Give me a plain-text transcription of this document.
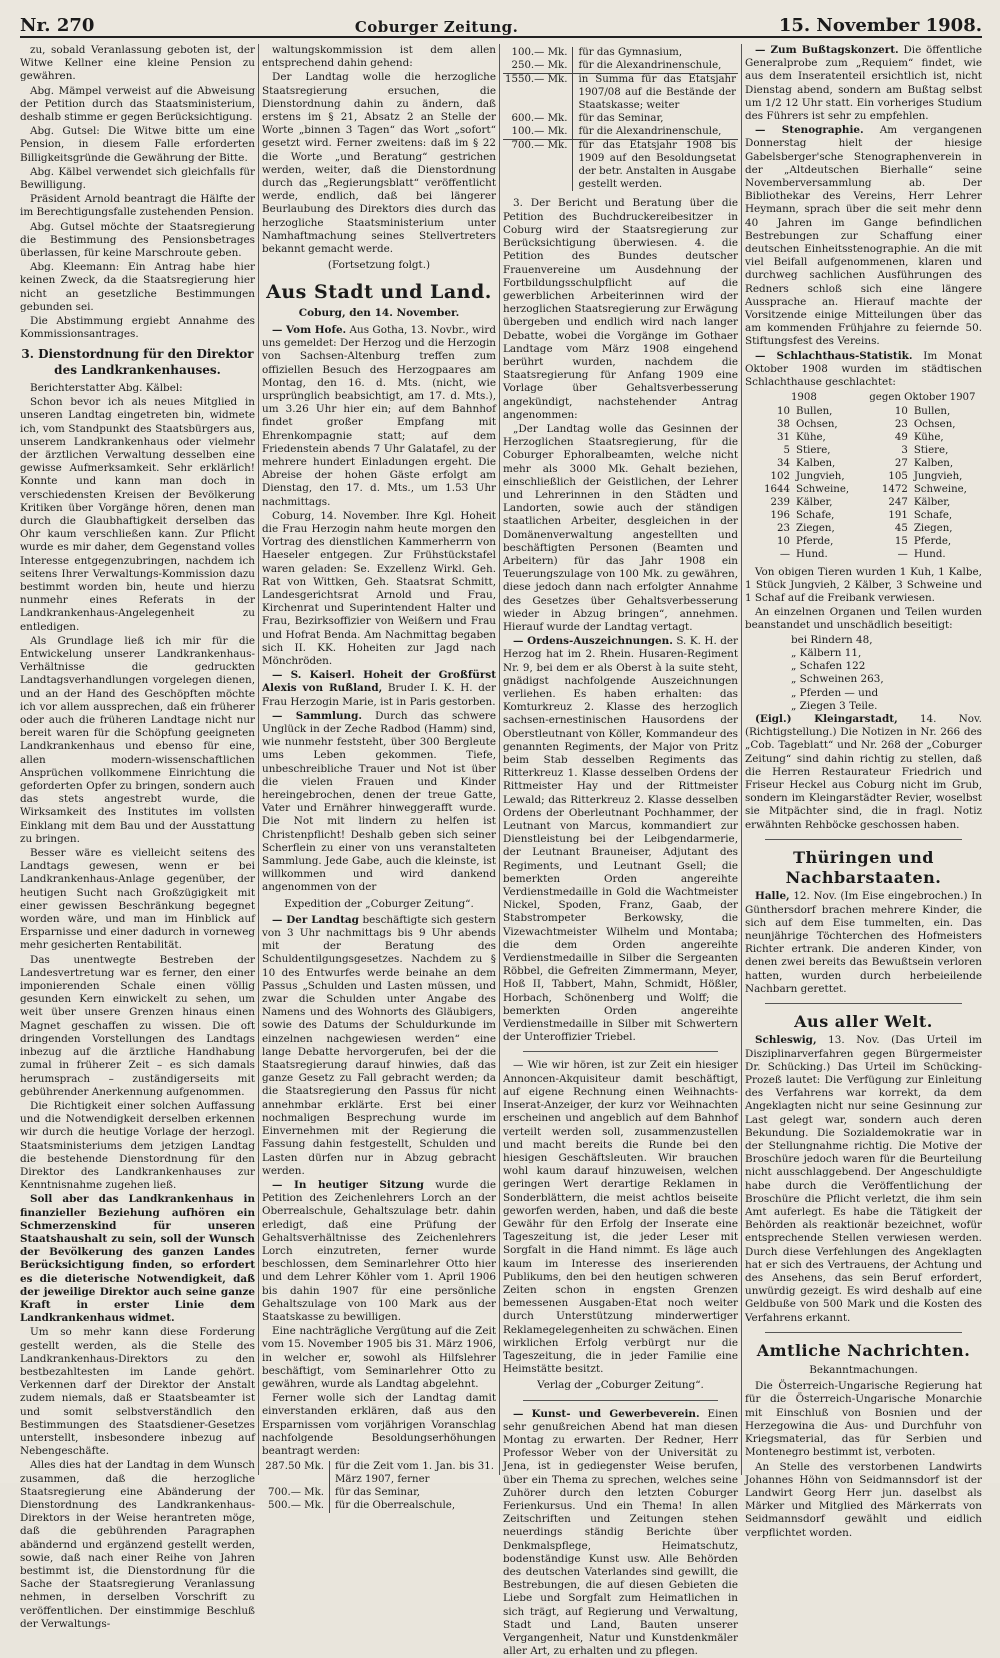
Nr. 270	Coburger Zeitung.	15. November 1908.

zu, sobald Veranlassung geboten ist, der Witwe Kellner eine kleine Pension zu gewähren.

Abg. Mämpel verweist auf die Abweisung der Petition durch das Staatsministerium, deshalb stimme er gegen Berücksichtigung.

Abg. Gutsel: Die Witwe bitte um eine Pension, in diesem Falle erforderten Billigkeitsgründe die Gewährung der Bitte.

Abg. Kälbel verwendet sich gleichfalls für Bewilligung.

Präsident Arnold beantragt die Hälfte der im Berechtigungsfalle zustehenden Pension.

Abg. Gutsel möchte der Staatsregierung die Bestimmung des Pensionsbetrages überlassen, für keine Marschroute geben.

Abg. Kleemann: Ein Antrag habe hier keinen Zweck, da die Staatsregierung hier nicht an gesetzliche Bestimmungen gebunden sei.

Die Abstimmung ergiebt Annahme des Kommissionsantrages.

3. Dienstordnung für den Direktor des Landkrankenhauses.

Berichterstatter Abg. Kälbel:

Schon bevor ich als neues Mitglied in unseren Landtag eingetreten bin, widmete ich, vom Standpunkt des Staatsbürgers aus, unserem Landkrankenhaus oder vielmehr der ärztlichen Verwaltung desselben eine gewisse Aufmerksamkeit. Sehr erklärlich! Konnte und kann man doch in verschiedensten Kreisen der Bevölkerung Kritiken über Vorgänge hören, denen man durch die Glaubhaftigkeit derselben das Ohr kaum verschließen kann. Zur Pflicht wurde es mir daher, dem Gegenstand volles Interesse entgegenzubringen, nachdem ich seitens Ihrer Verwaltungs-Kommission dazu bestimmt worden bin, heute und hierzu nunmehr eines Referats in der Landkrankenhaus-Angelegenheit zu entledigen.

Als Grundlage ließ ich mir für die Entwickelung unserer Landkrankenhaus-Verhältnisse die gedruckten Landtagsverhandlungen vorgelegen dienen, und an der Hand des Geschöpften möchte ich vor allem aussprechen, daß ein früherer oder auch die früheren Landtage nicht nur bereit waren für die Schöpfung geeigneten Landkrankenhaus und ebenso für eine, allen modern-wissenschaftlichen Ansprüchen vollkommene Einrichtung die geforderten Opfer zu bringen, sondern auch das stets angestrebt wurde, die Wirksamkeit des Institutes im vollsten Einklang mit dem Bau und der Ausstattung zu bringen.

Besser wäre es vielleicht seitens des Landtags gewesen, wenn er bei Landkrankenhaus-Anlage gegenüber, der heutigen Sucht nach Großzügigkeit mit einer gewissen Beschränkung begegnet worden wäre, und man im Hinblick auf Ersparnisse und einer dadurch in vorneweg mehr gesicherten Rentabilität.

Das unentwegte Bestreben der Landesvertretung war es ferner, den einer imponierenden Schale einen völlig gesunden Kern einwickelt zu sehen, um weit über unsere Grenzen hinaus einen Magnet geschaffen zu wissen. Die oft dringenden Vorstellungen des Landtags inbezug auf die ärztliche Handhabung zumal in früherer Zeit – es sich damals herumsprach – zuständigerseits mit gebührender Anerkennung aufgenommen.

Die Richtigkeit einer solchen Auffassung und die Notwendigkeit derselben erkennen wir durch die heutige Vorlage der herzogl. Staatsministeriums dem jetzigen Landtag die bestehende Dienstordnung für den Direktor des Landkrankenhauses zur Kenntnisnahme zugehen ließ.

Soll aber das Landkrankenhaus in finanzieller Beziehung aufhören ein Schmerzenskind für unseren Staatshaushalt zu sein, soll der Wunsch der Bevölkerung des ganzen Landes Berücksichtigung finden, so erfordert es die dieterische Notwendigkeit, daß der jeweilige Direktor auch seine ganze Kraft in erster Linie dem Landkrankenhaus widmet.

Um so mehr kann diese Forderung gestellt werden, als die Stelle des Landkrankenhaus-Direktors zu den bestbezahltesten im Lande gehört. Verkennen darf der Direktor der Anstalt zudem niemals, daß er Staatsbeamter ist und somit selbstverständlich den Bestimmungen des Staatsdiener-Gesetzes unterstellt, insbesondere inbezug auf Nebengeschäfte.

Alles dies hat der Landtag in dem Wunsch zusammen, daß die herzogliche Staatsregierung eine Abänderung der Dienstordnung des Landkrankenhaus-Direktors in der Weise herantreten möge, daß die gebührenden Paragraphen abändernd und ergänzend gestellt werden, sowie, daß nach einer Reihe von Jahren bestimmt ist, die Dienstordnung für die Sache der Staatsregierung Veranlassung nehmen, in derselben Vorschrift zu veröffentlichen. Der einstimmige Beschluß der Verwaltungs-

waltungskommission ist dem allen entsprechend dahin gehend:

Der Landtag wolle die herzogliche Staatsregierung ersuchen, die Dienstordnung dahin zu ändern, daß erstens im § 21, Absatz 2 an Stelle der Worte „binnen 3 Tagen“ das Wort „sofort“ gesetzt wird. Ferner zweitens: daß im § 22 die Worte „und Beratung“ gestrichen werden, weiter, daß die Dienstordnung durch das „Regierungsblatt“ veröffentlicht werde, endlich, daß bei längerer Beurlaubung des Direktors dies durch das herzogliche Staatsministerium unter Namhaftmachung seines Stellvertreters bekannt gemacht werde.

(Fortsetzung folgt.)
Aus Stadt und Land.
Coburg, den 14. November.

— Vom Hofe. Aus Gotha, 13. Novbr., wird uns gemeldet: Der Herzog und die Herzogin von Sachsen-Altenburg treffen zum offiziellen Besuch des Herzogpaares am Montag, den 16. d. Mts. (nicht, wie ursprünglich beabsichtigt, am 17. d. Mts.), um 3.26 Uhr hier ein; auf dem Bahnhof findet großer Empfang mit Ehrenkompagnie statt; auf dem Friedenstein abends 7 Uhr Galatafel, zu der mehrere hundert Einladungen ergeht. Die Abreise der hohen Gäste erfolgt am Dienstag, den 17. d. Mts., um 1.53 Uhr nachmittags.

Coburg, 14. November. Ihre Kgl. Hoheit die Frau Herzogin nahm heute morgen den Vortrag des dienstlichen Kammerherrn von Haeseler entgegen. Zur Frühstückstafel waren geladen: Se. Exzellenz Wirkl. Geh. Rat von Wittken, Geh. Staatsrat Schmitt, Landesgerichtsrat Arnold und Frau, Kirchenrat und Superintendent Halter und Frau, Bezirksoffizier von Weißern und Frau und Hofrat Benda. Am Nachmittag begaben sich II. KK. Hoheiten zur Jagd nach Mönchröden.

— S. Kaiserl. Hoheit der Großfürst Alexis von Rußland, Bruder I. K. H. der Frau Herzogin Marie, ist in Paris gestorben.

— Sammlung. Durch das schwere Unglück in der Zeche Radbod (Hamm) sind, wie nunmehr feststeht, über 300 Bergleute ums Leben gekommen. Tiefe, unbeschreibliche Trauer und Not ist über die vielen Frauen und Kinder hereingebrochen, denen der treue Gatte, Vater und Ernährer hinweggerafft wurde. Die Not mit lindern zu helfen ist Christenpflicht! Deshalb geben sich seiner Scherflein zu einer von uns veranstalteten Sammlung. Jede Gabe, auch die kleinste, ist willkommen und wird dankend angenommen von der

Expedition der „Coburger Zeitung“.

— Der Landtag beschäftigte sich gestern von 3 Uhr nachmittags bis 9 Uhr abends mit der Beratung des Schuldentilgungsgesetzes. Nachdem zu § 10 des Entwurfes werde beinahe an dem Passus „Schulden und Lasten müssen, und zwar die Schulden unter Angabe des Namens und des Wohnorts des Gläubigers, sowie des Datums der Schuldurkunde im einzelnen nachgewiesen werden“ eine lange Debatte hervorgerufen, bei der die Staatsregierung darauf hinwies, daß das ganze Gesetz zu Fall gebracht werden; da die Staatsregierung den Passus für nicht annehmbar erklärte. Erst bei einer nochmaligen Besprechung wurde im Einvernehmen mit der Regierung die Fassung dahin festgestellt, Schulden und Lasten dürfen nur in Abzug gebracht werden.

— In heutiger Sitzung wurde die Petition des Zeichenlehrers Lorch an der Oberrealschule, Gehaltszulage betr. dahin erledigt, daß eine Prüfung der Gehaltsverhältnisse des Zeichenlehrers Lorch einzutreten, ferner wurde beschlossen, dem Seminarlehrer Otto hier und dem Lehrer Köhler vom 1. April 1906 bis dahin 1907 für eine persönliche Gehaltszulage von 100 Mark aus der Staatskasse zu bewilligen.

Eine nachträgliche Vergütung auf die Zeit vom 15. November 1905 bis 31. März 1906, in welcher er, sowohl als Hilfslehrer beschäftigt, vom Seminarlehrer Otto zu gewähren, wurde als Landtag abgelehnt.

Ferner wolle sich der Landtag damit einverstanden erklären, daß aus den Ersparnissen vom vorjährigen Voranschlag nachfolgende Besoldungserhöhungen beantragt werden:

287.50 Mk.	für die Zeit vom 1. Jan. bis 31. März 1907, ferner
700.— Mk.	für das Seminar,
500.— Mk.	für die Oberrealschule,
100.— Mk.	für das Gymnasium,
250.— Mk.	für die Alexandrinenschule,
1550.— Mk.	in Summa für das Etatsjahr 1907/08 auf die Bestände der Staatskasse; weiter
600.— Mk.	für das Seminar,
100.— Mk.	für die Alexandrinenschule,
700.— Mk.	für das Etatsjahr 1908 bis 1909 auf den Besoldungsetat der betr. Anstalten in Ausgabe gestellt werden.

3. Der Bericht und Beratung über die Petition des Buchdruckereibesitzer in Coburg wird der Staatsregierung zur Berücksichtigung überwiesen. 4. die Petition des Bundes deutscher Frauenvereine um Ausdehnung der Fortbildungsschulpflicht auf die gewerblichen Arbeiterinnen wird der herzoglichen Staatsregierung zur Erwägung übergeben und endlich wird nach langer Debatte, wobei die Vorgänge im Gothaer Landtage vom März 1908 eingehend berührt wurden, nachdem die Staatsregierung für Anfang 1909 eine Vorlage über Gehaltsverbesserung angekündigt, nachstehender Antrag angenommen:

„Der Landtag wolle das Gesinnen der Herzoglichen Staatsregierung, für die Coburger Ephoralbeamten, welche nicht mehr als 3000 Mk. Gehalt beziehen, einschließlich der Geistlichen, der Lehrer und Lehrerinnen in den Städten und Landorten, sowie auch der ständigen staatlichen Arbeiter, desgleichen in der Domänenverwaltung angestellten und beschäftigten Personen (Beamten und Arbeitern) für das Jahr 1908 ein Teuerungszulage von 100 Mk. zu gewähren, diese jedoch dann nach erfolgter Annahme des Gesetzes über Gehaltsverbesserung wieder in Abzug bringen“, annehmen. Hierauf wurde der Landtag vertagt.

— Ordens-Auszeichnungen. S. K. H. der Herzog hat im 2. Rhein. Husaren-Regiment Nr. 9, bei dem er als Oberst à la suite steht, gnädigst nachfolgende Auszeichnungen verliehen. Es haben erhalten: das Komturkreuz 2. Klasse des herzoglich sachsen-ernestinischen Hausordens der Oberstleutnant von Köller, Kommandeur des genannten Regiments, der Major von Pritz beim Stab desselben Regiments das Ritterkreuz 1. Klasse desselben Ordens der Rittmeister Hay und der Rittmeister Lewald; das Ritterkreuz 2. Klasse desselben Ordens der Oberleutnant Pochhammer, der Leutnant von Marcus, kommandiert zur Dienstleistung bei der Leibgendarmerie, der Leutnant Brauneiser, Adjutant des Regiments, und Leutnant Gsell; die bemerkten Orden angereihte Verdienstmedaille in Gold die Wachtmeister Nickel, Spoden, Franz, Gaab, der Stabstrompeter Berkowsky, die Vizewachtmeister Wilhelm und Montaba; die dem Orden angereihte Verdienstmedaille in Silber die Sergeanten Röbbel, die Gefreiten Zimmermann, Meyer, Hoß II, Tabbert, Mahn, Schmidt, Hößler, Horbach, Schönenberg und Wolff; die bemerkten Orden angereihte Verdienstmedaille in Silber mit Schwertern der Unteroffizier Triebel.

— Wie wir hören, ist zur Zeit ein hiesiger Annoncen-Akquisiteur damit beschäftigt, auf eigene Rechnung einen Weihnachts-Inserat-Anzeiger, der kurz vor Weihnachten erscheinen und angeblich auf dem Bahnhof verteilt werden soll, zusammenzustellen und macht bereits die Runde bei den hiesigen Geschäftsleuten. Wir brauchen wohl kaum darauf hinzuweisen, welchen geringen Wert derartige Reklamen in Sonderblättern, die meist achtlos beiseite geworfen werden, haben, und daß die beste Gewähr für den Erfolg der Inserate eine Tageszeitung ist, die jeder Leser mit Sorgfalt in die Hand nimmt. Es läge auch kaum im Interesse des inserierenden Publikums, den bei den heutigen schweren Zeiten schon in engsten Grenzen bemessenen Ausgaben-Etat noch weiter durch Unterstützung minderwertiger Reklamegelegenheiten zu schwächen. Einen wirklichen Erfolg verbürgt nur die Tageszeitung, die in jeder Familie eine Heimstätte besitzt.

Verlag der „Coburger Zeitung“.

— Kunst- und Gewerbeverein. Einen sehr genußreichen Abend hat man diesen Montag zu erwarten. Der Redner, Herr Professor Weber von der Universität zu Jena, ist in gediegenster Weise berufen, über ein Thema zu sprechen, welches seine Zuhörer durch den letzten Coburger Ferienkursus. Und ein Thema! In allen Zeitschriften und Zeitungen stehen neuerdings ständig Berichte über Denkmalspflege, Heimatschutz, bodenständige Kunst usw. Alle Behörden des deutschen Vaterlandes sind gewillt, die Bestrebungen, die auf diesen Gebieten die Liebe und Sorgfalt zum Heimatlichen in sich trägt, auf Regierung und Verwaltung, Stadt und Land, Bauten unserer Vergangenheit, Natur und Kunstdenkmäler aller Art, zu erhalten und zu pflegen.

— Zum Bußtagskonzert. Die öffentliche Generalprobe zum „Requiem“ findet, wie aus dem Inseratenteil ersichtlich ist, nicht Dienstag abend, sondern am Bußtag selbst um 1/2 12 Uhr statt. Ein vorheriges Studium des Führers ist sehr zu empfehlen.

— Stenographie. Am vergangenen Donnerstag hielt der hiesige Gabelsberger'sche Stenographenverein in der „Altdeutschen Bierhalle“ seine Novemberversammlung ab. Der Bibliothekar des Vereins, Herr Lehrer Heymann, sprach über die seit mehr denn 40 Jahren im Gange befindlichen Bestrebungen zur Schaffung einer deutschen Einheitsstenographie. An die mit viel Beifall aufgenommenen, klaren und durchweg sachlichen Ausführungen des Redners schloß sich eine längere Aussprache an. Hierauf machte der Vorsitzende einige Mitteilungen über das am kommenden Frühjahre zu feiernde 50. Stiftungsfest des Vereins.

— Schlachthaus-Statistik. Im Monat Oktober 1908 wurden im städtischen Schlachthause geschlachtet:

1908		gegen Oktober 1907	
10	Bullen,	10	Bullen,
38	Ochsen,	23	Ochsen,
31	Kühe,	49	Kühe,
5	Stiere,	3	Stiere,
34	Kalben,	27	Kalben,
102	Jungvieh,	105	Jungvieh,
1644	Schweine,	1472	Schweine,
239	Kälber,	247	Kälber,
196	Schafe,	191	Schafe,
23	Ziegen,	45	Ziegen,
10	Pferde,	15	Pferde,
—	Hund.	—	Hund.

Von obigen Tieren wurden 1 Kuh, 1 Kalbe, 1 Stück Jungvieh, 2 Kälber, 3 Schweine und 1 Schaf auf die Freibank verwiesen.

An einzelnen Organen und Teilen wurden beanstandet und unschädlich beseitigt:

bei Rindern 48,
„ Kälbern 11,
„ Schafen 122
„ Schweinen 263,
„ Pferden — und
„ Ziegen 3 Teile.

(Eigl.) Kleingarstadt, 14. Nov. (Richtigstellung.) Die Notizen in Nr. 266 des „Cob. Tageblatt“ und Nr. 268 der „Coburger Zeitung“ sind dahin richtig zu stellen, daß die Herren Restaurateur Friedrich und Friseur Heckel aus Coburg nicht im Grub, sondern im Kleingarstädter Revier, woselbst sie Mitpächter sind, die in fragl. Notiz erwähnten Rehböcke geschossen haben.

Thüringen und Nachbarstaaten.

Halle, 12. Nov. (Im Eise eingebrochen.) In Günthersdorf brachen mehrere Kinder, die sich auf dem Eise tummelten, ein. Das neunjährige Töchterchen des Hofmeisters Richter ertrank. Die anderen Kinder, von denen zwei bereits das Bewußtsein verloren hatten, wurden durch herbeieilende Nachbarn gerettet.

Aus aller Welt.

Schleswig, 13. Nov. (Das Urteil im Disziplinarverfahren gegen Bürgermeister Dr. Schücking.) Das Urteil im Schücking-Prozeß lautet: Die Verfügung zur Einleitung des Verfahrens war korrekt, da dem Angeklagten nicht nur seine Gesinnung zur Last gelegt war, sondern auch deren Bekundung. Die Sozialdemokratie war in der Stellungnahme richtig. Die Motive der Broschüre jedoch waren für die Beurteilung nicht ausschlaggebend. Der Angeschuldigte habe durch die Veröffentlichung der Broschüre die Pflicht verletzt, die ihm sein Amt auferlegt. Es habe die Tätigkeit der Behörden als reaktionär bezeichnet, wofür entsprechende Stellen verwiesen werden. Durch diese Verfehlungen des Angeklagten hat er sich des Vertrauens, der Achtung und des Ansehens, das sein Beruf erfordert, unwürdig gezeigt. Es wird deshalb auf eine Geldbuße von 500 Mark und die Kosten des Verfahrens erkannt.

Amtliche Nachrichten.
Bekanntmachungen.

Die Österreich-Ungarische Regierung hat für die Österreich-Ungarische Monarchie mit Einschluß von Bosnien und der Herzegowina die Aus- und Durchfuhr von Kriegsmaterial, das für Serbien und Montenegro bestimmt ist, verboten.

An Stelle des verstorbenen Landwirts Johannes Höhn von Seidmannsdorf ist der Landwirt Georg Herr jun. daselbst als Märker und Mitglied des Märkerrats von Seidmannsdorf gewählt und eidlich verpflichtet worden.
